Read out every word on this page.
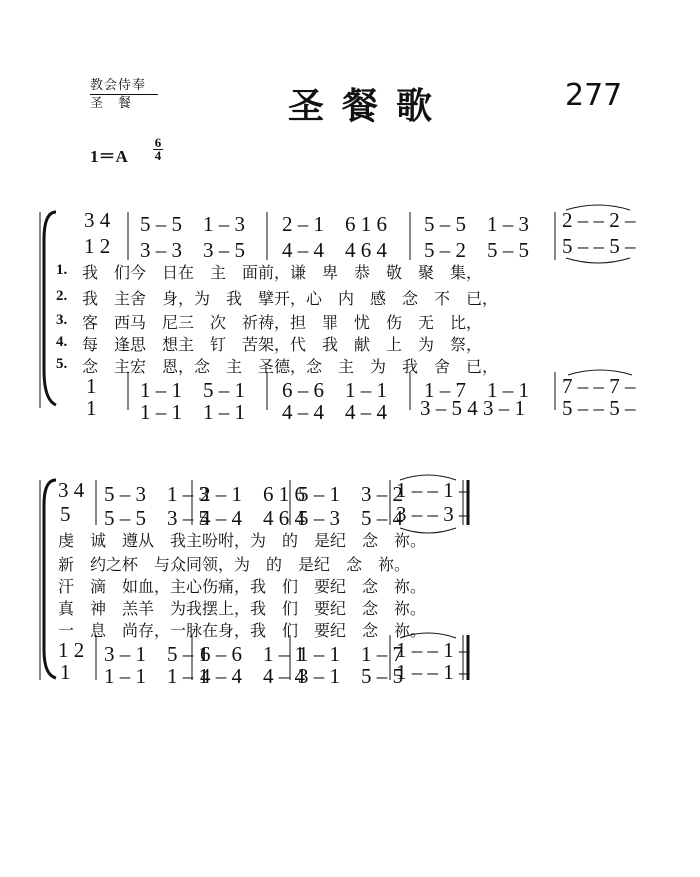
教会侍奉
圣　餐	圣餐歌	277
$1=A \frac{6}{4}$
3 4 5 – 5　1 – 3 2 – 1　6 1 6 5 – 5　1 – 3 2 – – 2 –
1 2 3 – 3　3 – 5 4 – 4　4 6 4 5 – 2　5 – 5 5 – – 5 –
1. 我　们今　日在　主　面前，谦　卑　恭　敬　聚　集，
2. 我　主舍　身，为　我　擘开，心　内　感　念　不　已，
3. 客　西马　尼三　次　祈祷，担　罪　忧　伤　无　比，
4. 每　逢思　想主　钉　苦架，代　我　献　上　为　祭，
5. 念　主宏　恩，念　主　圣德，念　主　为　我　舍　已，
1 1 – 1　5 – 1 6 – 6　1 – 1 1 – 7　1 – 1 7 – – 7 –
1 1 – 1　1 – 1 4 – 4　4 – 4 3 – 5 4 3 – 1 5 – – 5 –
3 4 5 – 3　1 – 3
2 – 1　6 1 6
5 – 1　3 – 2
1 – – 1 –
5 5 – 5　3 – 5
4 – 4　4 6 4
5 – 3　5 – 4
3 – – 3 –
虔　诚　遵从　我主吩咐，为　的　是纪　念　祢。
新　约之杯　与众同领，为　的　是纪　念　祢。
汗　滴　如血，主心伤痛，我　们　要纪　念　祢。
真　神　羔羊　为我摆上，我　们　要纪　念　祢。
一　息　尚存，一脉在身，我　们　要纪　念　祢。
1 2 3 – 1　5 – 1
6 – 6　1 – 1
1 – 1　1 – 7
1 – – 1 –
1 1 – 1　1 – 1
4 – 4　4 – 4
3 – 1　5 – 5
1 – – 1 –
